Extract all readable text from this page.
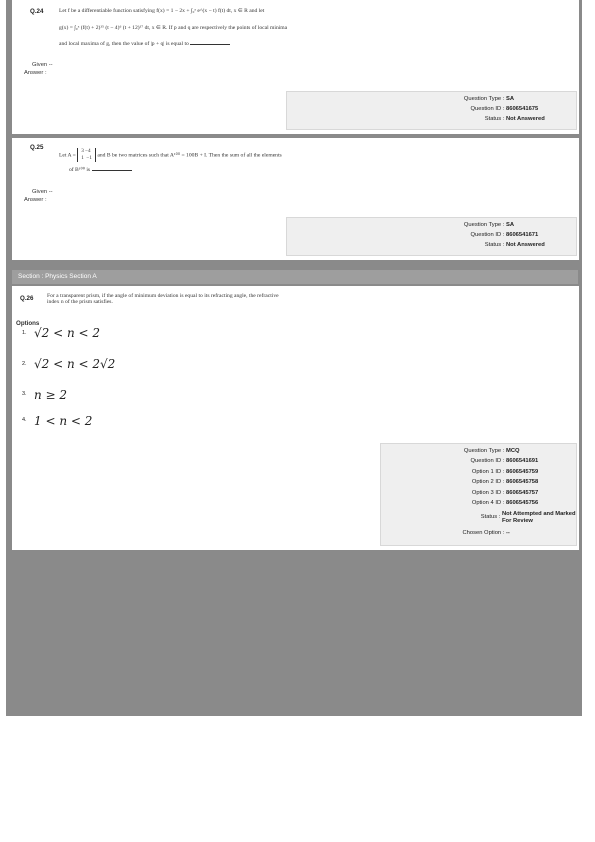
Q.24	Let f be a differentiable function satisfying f(x) = 1 − 2x + ∫₀ˣ e^(x − t) f(t) dt, x ∈ R and let
g(x) = ∫₀ˣ (f(t) + 2)¹⁵ (t − 4)⁶ (t + 12)¹⁷ dt, x ∈ R. If p and q are respectively the points of local minima
and local maxima of g, then the value of |p + q| is equal to
Given --
Answer :
Question Type : SA
Question ID : 8606541675
Status : Not Answered
Q.25
Let A = 3 −4
1 −1 and B be two matrices such that A¹⁰⁰ = 100B + I. Then the sum of all the elements
of B¹⁰⁰ is
Given --
Answer :
Question Type : SA
Question ID : 8606541671
Status : Not Answered
Section : Physics Section A
Q.26 For a transparent prism, if the angle of minimum deviation is equal to its refracting angle, the refractive
index n of the prism satisfies.
Options
1. √2 < n < 2
2. √2 < n < 2√2
3. n ≥ 2
4. 1 < n < 2
Question Type : MCQ
Question ID : 8606541691
Option 1 ID : 8606545759
Option 2 ID : 8606545758
Option 3 ID : 8606545757
Option 4 ID : 8606545756
Status : Not Attempted and Marked For Review
Chosen Option : --
